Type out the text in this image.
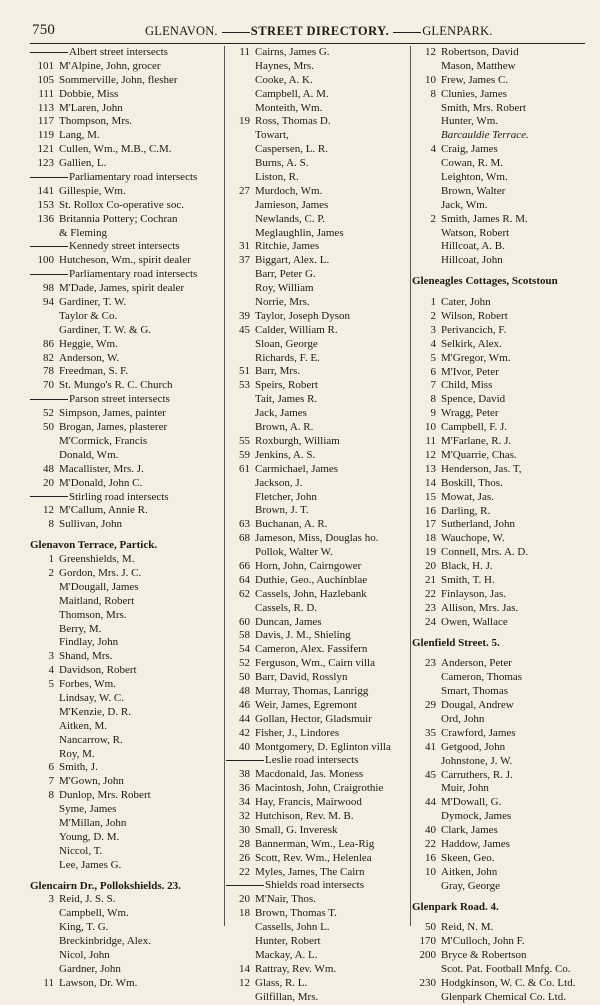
750	GLENAVON.	STREET DIRECTORY.	GLENPARK.
Albert street intersects
101 M'Alpine, John, grocer
105 Sommerville, John, flesher
111 Dobbie, Miss
113 M'Laren, John
117 Thompson, Mrs.
119 Lang, M.
121 Cullen, Wm., M.B., C.M.
123 Gallien, L.
Parliamentary road intersects
141 Gillespie, Wm.
153 St. Rollox Co-operative soc.
136 Britannia Pottery; Cochran
& Fleming
Kennedy street intersects
100 Hutcheson, Wm., spirit dealer
Parliamentary road intersects
98 M'Dade, James, spirit dealer
94 Gardiner, T. W.
Taylor & Co.
Gardiner, T. W. & G.
86 Heggie, Wm.
82 Anderson, W.
78 Freedman, S. F.
70 St. Mungo's R. C. Church
Parson street intersects
52 Simpson, James, painter
50 Brogan, James, plasterer
M'Cormick, Francis
Donald, Wm.
48 Macallister, Mrs. J.
20 M'Donald, John C.
Stirling road intersects
12 M'Callum, Annie R.
8 Sullivan, John
Glenavon Terrace, Partick.
1 Greenshields, M.
2 Gordon, Mrs. J. C.
M'Dougall, James
Maitland, Robert
Thomson, Mrs.
Berry, M.
Findlay, John
3 Shand, Mrs.
4 Davidson, Robert
5 Forbes, Wm.
Lindsay, W. C.
M'Kenzie, D. R.
Aitken, M.
Nancarrow, R.
Roy, M.
6 Smith, J.
7 M'Gown, John
8 Dunlop, Mrs. Robert
Syme, James
M'Millan, John
Young, D. M.
Niccol, T.
Lee, James G.
Glencairn Dr., Pollokshields. 23.
3 Reid, J. S. S.
Campbell, Wm.
King, T. G.
Breckinbridge, Alex.
Nicol, John
Gardner, John
11 Lawson, Dr. Wm.
11 Cairns, James G.
Haynes, Mrs.
Cooke, A. K.
Campbell, A. M.
Monteith, Wm.
19 Ross, Thomas D.
Towart,
Caspersen, L. R.
Burns, A. S.
Liston, R.
27 Murdoch, Wm.
Jamieson, James
Newlands, C. P.
Meglaughlin, James
31 Ritchie, James
37 Biggart, Alex. L.
Barr, Peter G.
Roy, William
Norrie, Mrs.
39 Taylor, Joseph Dyson
45 Calder, William R.
Sloan, George
Richards, F. E.
51 Barr, Mrs.
53 Speirs, Robert
Tait, James R.
Jack, James
Brown, A. R.
55 Roxburgh, William
59 Jenkins, A. S.
61 Carmichael, James
Jackson, J.
Fletcher, John
Brown, J. T.
63 Buchanan, A. R.
68 Jameson, Miss, Douglas ho.
Pollok, Walter W.
66 Horn, John, Cairngower
64 Duthie, Geo., Auchinblae
62 Cassels, John, Hazlebank
Cassels, R. D.
60 Duncan, James
58 Davis, J. M., Shieling
54 Cameron, Alex. Fassifern
52 Ferguson, Wm., Cairn villa
50 Barr, David, Rosslyn
48 Murray, Thomas, Lanrigg
46 Weir, James, Egremont
44 Gollan, Hector, Gladsmuir
42 Fisher, J., Lindores
40 Montgomery, D. Eglinton villa
Leslie road intersects
38 Macdonald, Jas. Moness
36 Macintosh, John, Craigrothie
34 Hay, Francis, Mairwood
32 Hutchison, Rev. M. B.
30 Small, G. Inveresk
28 Bannerman, Wm., Lea-Rig
26 Scott, Rev. Wm., Helenlea
22 Myles, James, The Cairn
Shields road intersects
20 M'Nair, Thos.
18 Brown, Thomas T.
Cassells, John L.
Hunter, Robert
Mackay, A. L.
14 Rattray, Rev. Wm.
12 Glass, R. L.
Gilfillan, Mrs.
12 Robertson, David
Mason, Matthew
10 Frew, James C.
8 Clunies, James
Smith, Mrs. Robert
Hunter, Wm.
Barcauldie Terrace.
4 Craig, James
Cowan, R. M.
Leighton, Wm.
Brown, Walter
Jack, Wm.
2 Smith, James R. M.
Watson, Robert
Hillcoat, A. B.
Hillcoat, John
Gleneagles Cottages, Scotstoun
1 Cater, John
2 Wilson, Robert
3 Perivancich, F.
4 Selkirk, Alex.
5 M'Gregor, Wm.
6 M'Ivor, Peter
7 Child, Miss
8 Spence, David
9 Wragg, Peter
10 Campbell, F. J.
11 M'Farlane, R. J.
12 M'Quarrie, Chas.
13 Henderson, Jas. T,
14 Boskill, Thos.
15 Mowat, Jas.
16 Darling, R.
17 Sutherland, John
18 Wauchope, W.
19 Connell, Mrs. A. D.
20 Black, H. J.
21 Smith, T. H.
22 Finlayson, Jas.
23 Allison, Mrs. Jas.
24 Owen, Wallace
Glenfield Street. 5.
23 Anderson, Peter
Cameron, Thomas
Smart, Thomas
29 Dougal, Andrew
Ord, John
35 Crawford, James
41 Getgood, John
Johnstone, J. W.
45 Carruthers, R. J.
Muir, John
44 M'Dowall, G.
Dymock, James
40 Clark, James
22 Haddow, James
16 Skeen, Geo.
10 Aitken, John
Gray, George
Glenpark Road. 4.
50 Reid, N. M.
170 M'Culloch, John F.
200 Bryce & Robertson
Scot. Pat. Football Mnfg. Co.
230 Hodgkinson, W. C. & Co. Ltd.
Glenpark Chemical Co. Ltd.
